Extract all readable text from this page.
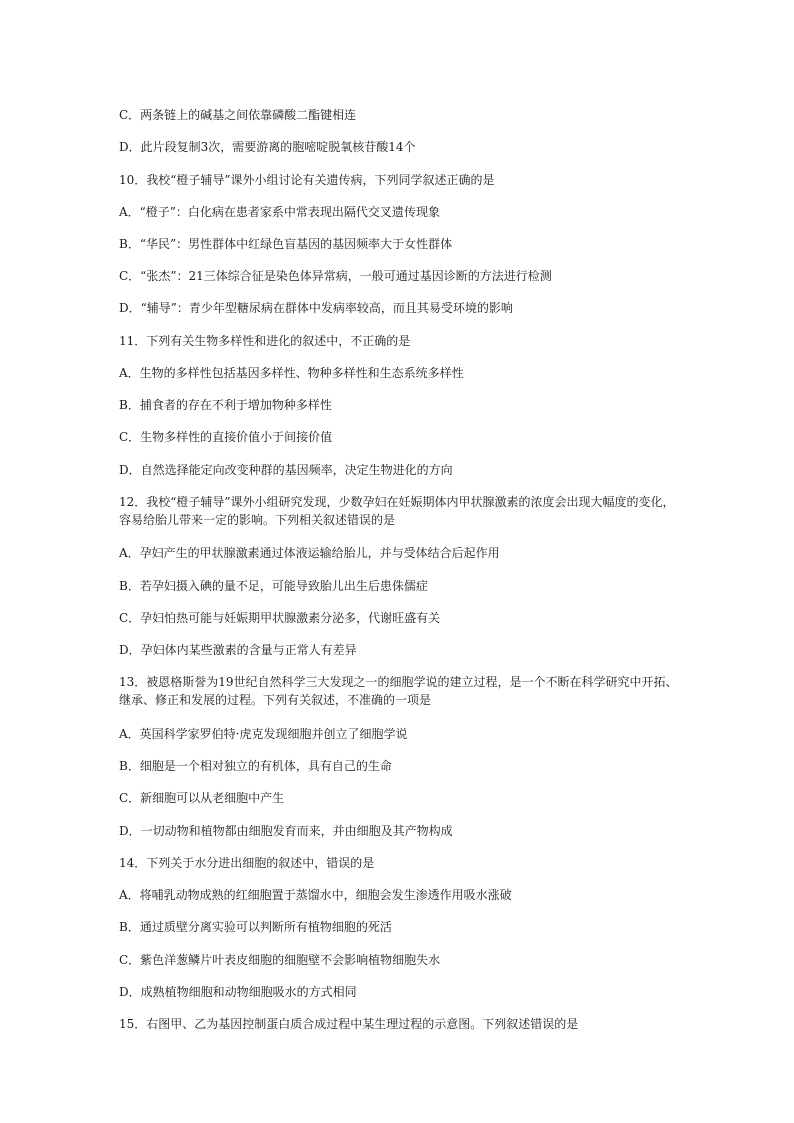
C．两条链上的碱基之间依靠磷酸二酯键相连

D．此片段复制3次，需要游离的胞嘧啶脱氧核苷酸14个

10．我校“橙子辅导”课外小组讨论有关遗传病，下列同学叙述正确的是

A．“橙子”：白化病在患者家系中常表现出隔代交叉遗传现象

B．“华民”：男性群体中红绿色盲基因的基因频率大于女性群体

C．“张杰”：21三体综合征是染色体异常病，一般可通过基因诊断的方法进行检测

D．“辅导”：青少年型糖尿病在群体中发病率较高，而且其易受环境的影响

11．下列有关生物多样性和进化的叙述中，不正确的是

A．生物的多样性包括基因多样性、物种多样性和生态系统多样性

B．捕食者的存在不利于增加物种多样性

C．生物多样性的直接价值小于间接价值

D．自然选择能定向改变种群的基因频率，决定生物进化的方向

12．我校“橙子辅导”课外小组研究发现，少数孕妇在妊娠期体内甲状腺激素的浓度会出现大幅度的变化，容易给胎儿带来一定的影响。下列相关叙述错误的是

A．孕妇产生的甲状腺激素通过体液运输给胎儿，并与受体结合后起作用

B．若孕妇摄入碘的量不足，可能导致胎儿出生后患侏儒症

C．孕妇怕热可能与妊娠期甲状腺激素分泌多，代谢旺盛有关

D．孕妇体内某些激素的含量与正常人有差异

13．被恩格斯誉为19世纪自然科学三大发现之一的细胞学说的建立过程，是一个不断在科学研究中开拓、继承、修正和发展的过程。下列有关叙述，不准确的一项是

A．英国科学家罗伯特·虎克发现细胞并创立了细胞学说

B．细胞是一个相对独立的有机体，具有自己的生命

C．新细胞可以从老细胞中产生

D．一切动物和植物都由细胞发育而来，并由细胞及其产物构成

14．下列关于水分进出细胞的叙述中，错误的是

A．将哺乳动物成熟的红细胞置于蒸馏水中，细胞会发生渗透作用吸水涨破

B．通过质壁分离实验可以判断所有植物细胞的死活

C．紫色洋葱鳞片叶表皮细胞的细胞壁不会影响植物细胞失水

D．成熟植物细胞和动物细胞吸水的方式相同

15．右图甲、乙为基因控制蛋白质合成过程中某生理过程的示意图。下列叙述错误的是
